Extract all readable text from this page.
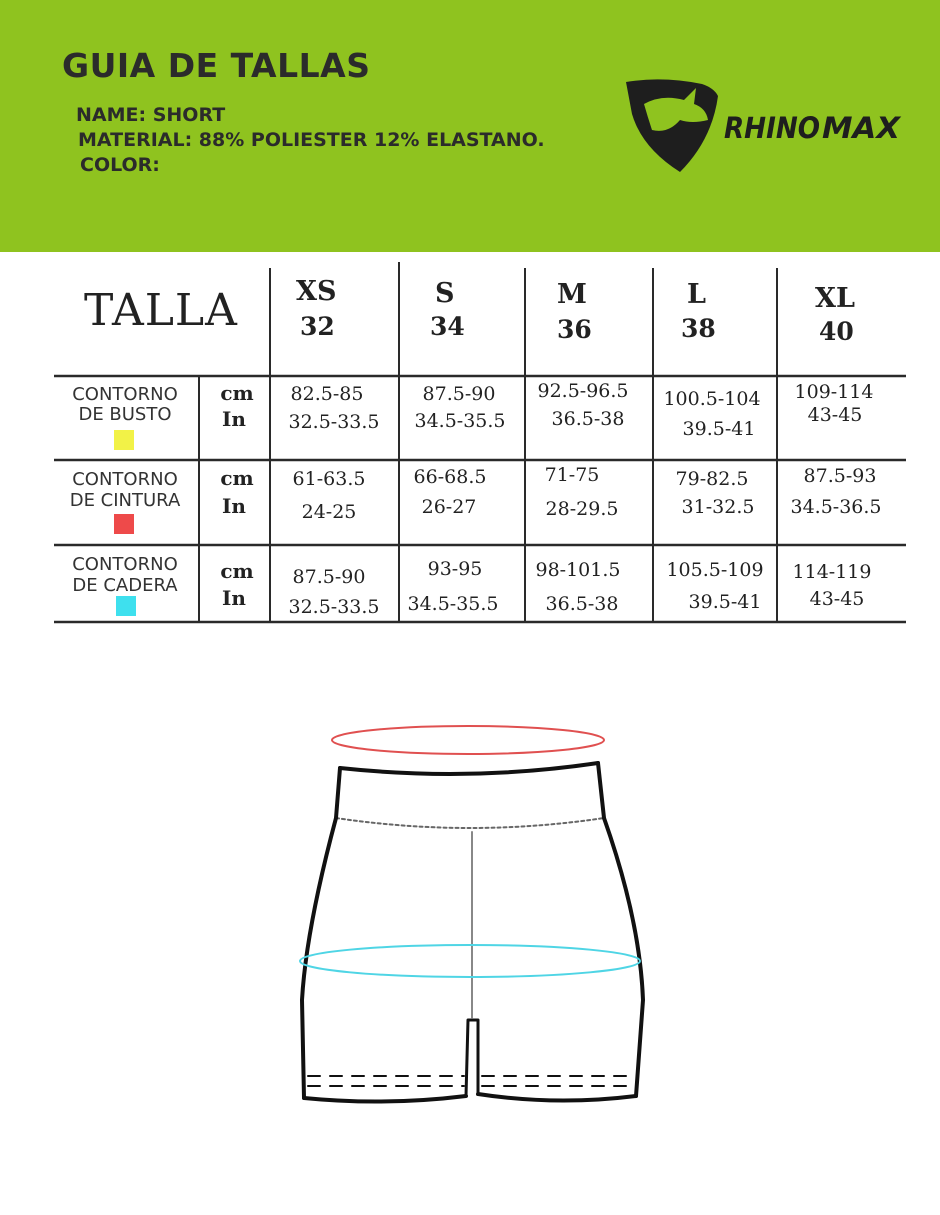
GUIA DE TALLAS
NAME: SHORT
MATERIAL: 88% POLIESTER 12% ELASTANO.
COLOR:
RHINO MAX
TALLA XS
32
S
34
M
36
L
38
XL
40
CONTORNO
DE BUSTO
cm
In
82.5-85
32.5-33.5
87.5-90
34.5-35.5
92.5-96.5
36.5-38
100.5-104
39.5-41
109-114
43-45
CONTORNO
DE CINTURA
cm
In
61-63.5
24-25
66-68.5
26-27
71-75
28-29.5
79-82.5
31-32.5
87.5-93
34.5-36.5
CONTORNO
DE CADERA
cm
In
87.5-90
32.5-33.5
93-95
34.5-35.5
98-101.5
36.5-38
105.5-109
39.5-41
114-119
43-45
